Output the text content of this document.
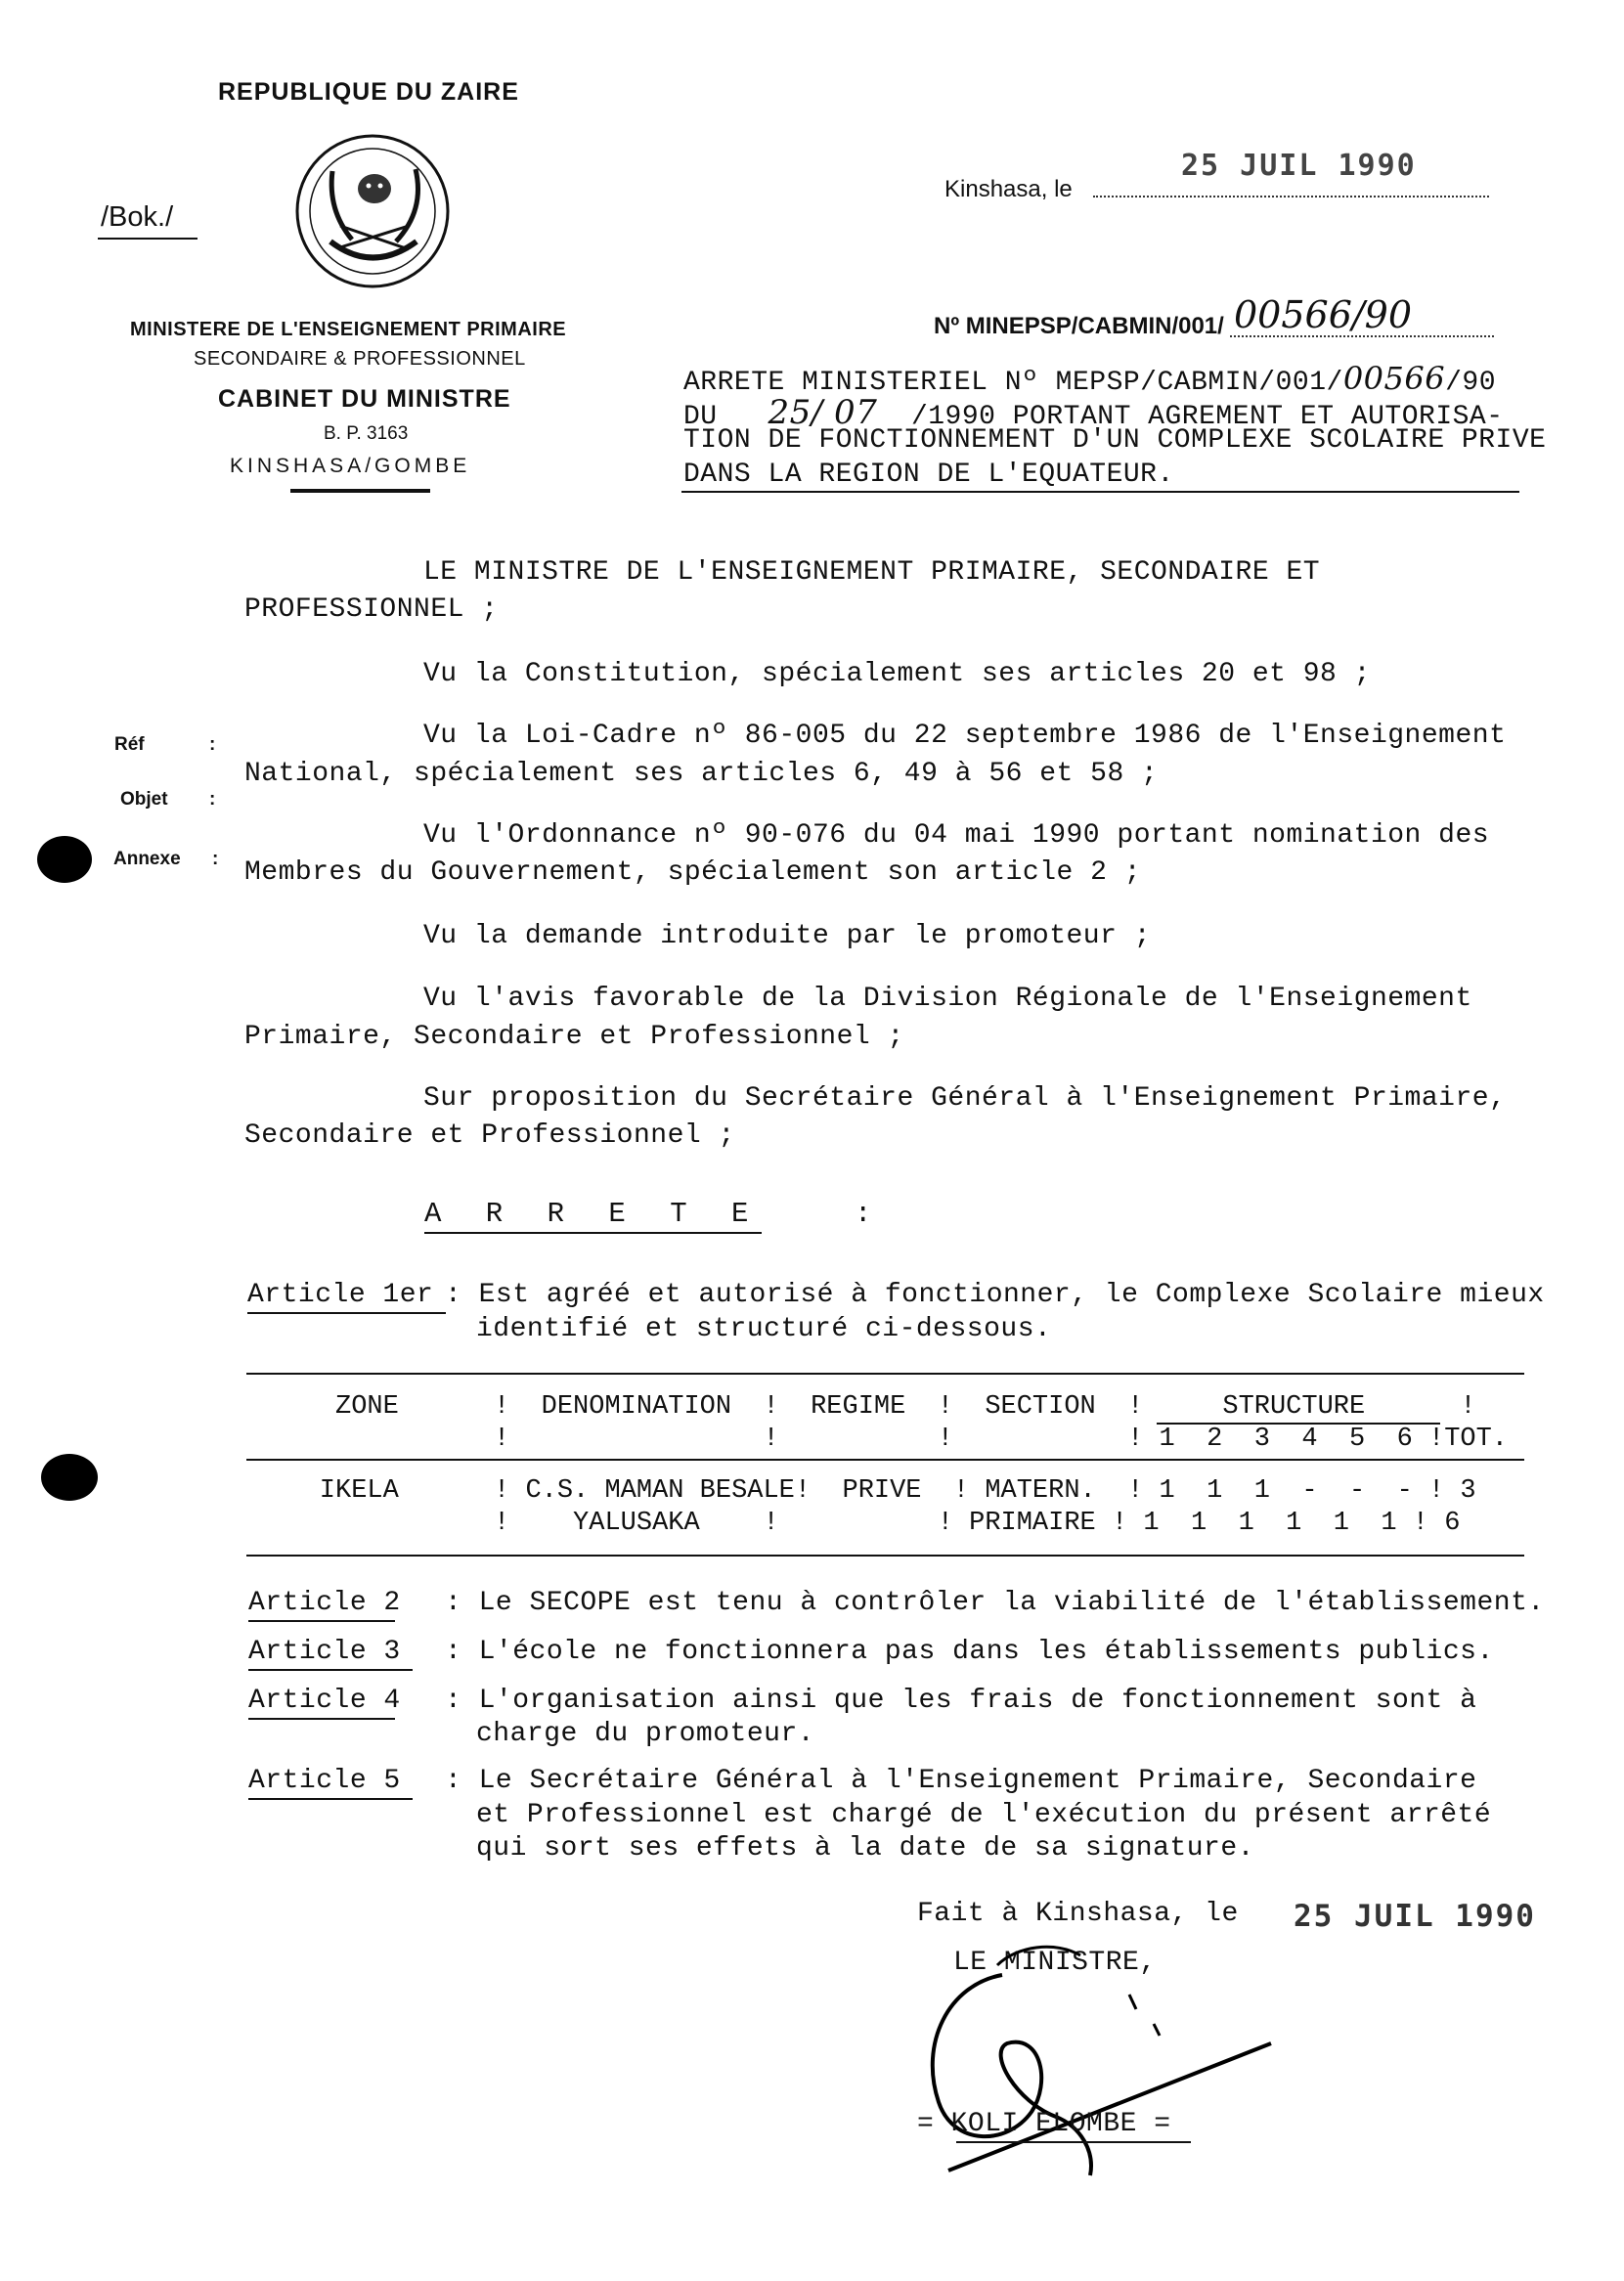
REPUBLIQUE DU ZAIRE
/Bok./
MINISTERE DE L'ENSEIGNEMENT PRIMAIRE
SECONDAIRE & PROFESSIONNEL
CABINET DU MINISTRE
B. P. 3163
KINSHASA/GOMBE
Kinshasa, le
25 JUIL 1990
Nº MINEPSP/CABMIN/001/ 00566/90
ARRETE MINISTERIEL Nº MEPSP/CABMIN/001/00566/90
DU 25/ 07 /1990 PORTANT AGREMENT ET AUTORISA-
TION DE FONCTIONNEMENT D'UN COMPLEXE SCOLAIRE PRIVE
DANS LA REGION DE L'EQUATEUR.
Réf	:
Objet :
Annexe :
LE MINISTRE DE L'ENSEIGNEMENT PRIMAIRE, SECONDAIRE ET
PROFESSIONNEL ;
Vu la Constitution, spécialement ses articles 20 et 98 ;
Vu la Loi-Cadre nº 86-005 du 22 septembre 1986 de l'Enseignement
National, spécialement ses articles 6, 49 à 56 et 58 ;
Vu l'Ordonnance nº 90-076 du 04 mai 1990 portant nomination des
Membres du Gouvernement, spécialement son article 2 ;
Vu la demande introduite par le promoteur ;
Vu l'avis favorable de la Division Régionale de l'Enseignement
Primaire, Secondaire et Professionnel ;
Sur proposition du Secrétaire Général à l'Enseignement Primaire,
Secondaire et Professionnel ;
A R R E T E	:
Article 1er : Est agréé et autorisé à fonctionner, le Complexe Scolaire mieux
identifié et structuré ci-dessous.
ZONE      !  DENOMINATION  !  REGIME  !  SECTION  !     STRUCTURE      !
!                !          !           ! 1  2  3  4  5  6 !TOT.
IKELA      ! C.S. MAMAN BESALE!  PRIVE  ! MATERN.  ! 1  1  1  -  -  - ! 3
!    YALUSAKA    !          ! PRIMAIRE ! 1  1  1  1  1  1 ! 6
Article 2 : Le SECOPE est tenu à contrôler la viabilité de l'établissement.
Article 3	: L'école ne fonctionnera pas dans les établissements publics.
Article 4 : L'organisation ainsi que les frais de fonctionnement sont à
charge du promoteur.
Article 5	: Le Secrétaire Général à l'Enseignement Primaire, Secondaire
et Professionnel est chargé de l'exécution du présent arrêté
qui sort ses effets à la date de sa signature.
Fait à Kinshasa, le 25 JUIL 1990
LE MINISTRE,
= KOLI ELOMBE =
